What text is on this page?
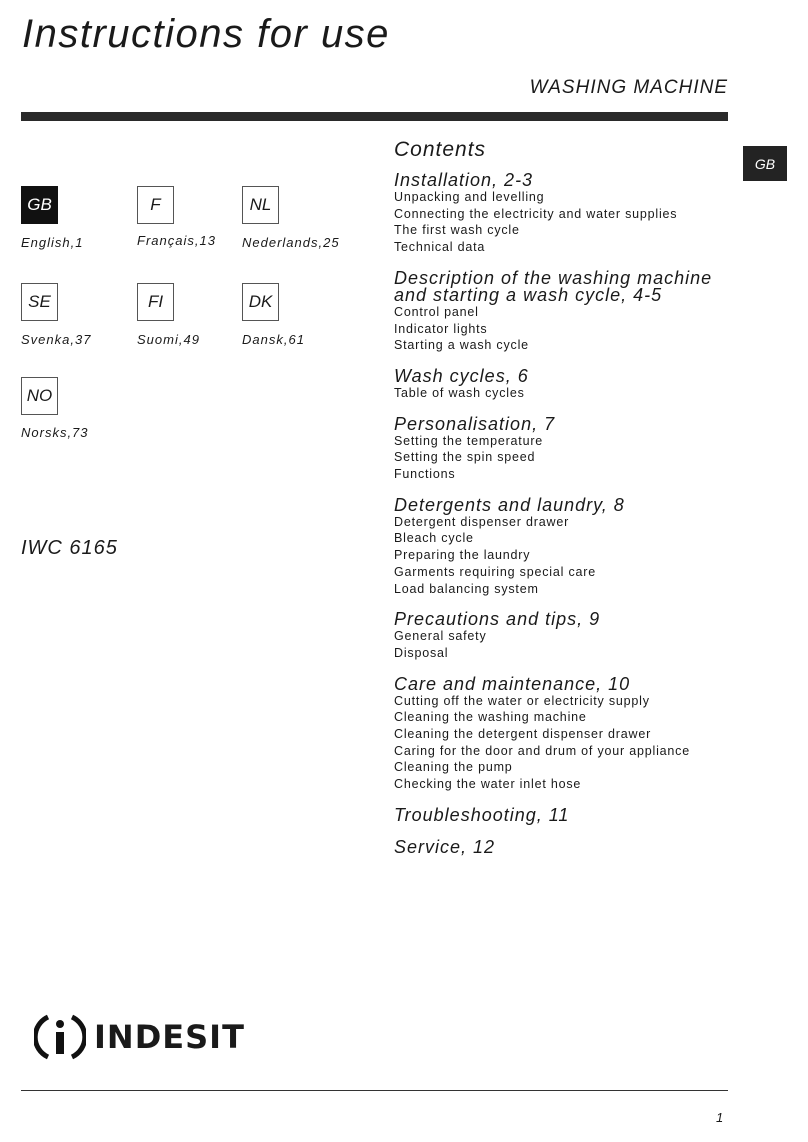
Instructions for use
WASHING MACHINE
GB
GB
English,1
F
Français,13
NL
Nederlands,25
SE
Svenka,37
FI
Suomi,49
DK
Dansk,61
NO
Norsks,73
IWC 6165
Contents
Installation, 2-3
Unpacking and levelling
Connecting the electricity and water supplies
The first wash cycle
Technical data
Description of the washing machine
and starting a wash cycle, 4-5
Control panel
Indicator lights
Starting a wash cycle
Wash cycles, 6
Table of wash cycles
Personalisation, 7
Setting the temperature
Setting the spin speed
Functions
Detergents and laundry, 8
Detergent dispenser drawer
Bleach cycle
Preparing the laundry
Garments requiring special care
Load balancing system
Precautions and tips, 9
General safety
Disposal
Care and maintenance, 10
Cutting off the water or electricity supply
Cleaning the washing machine
Cleaning the detergent dispenser drawer
Caring for the door and drum of your appliance
Cleaning the pump
Checking the water inlet hose
Troubleshooting, 11
Service, 12
INDESIT
1
